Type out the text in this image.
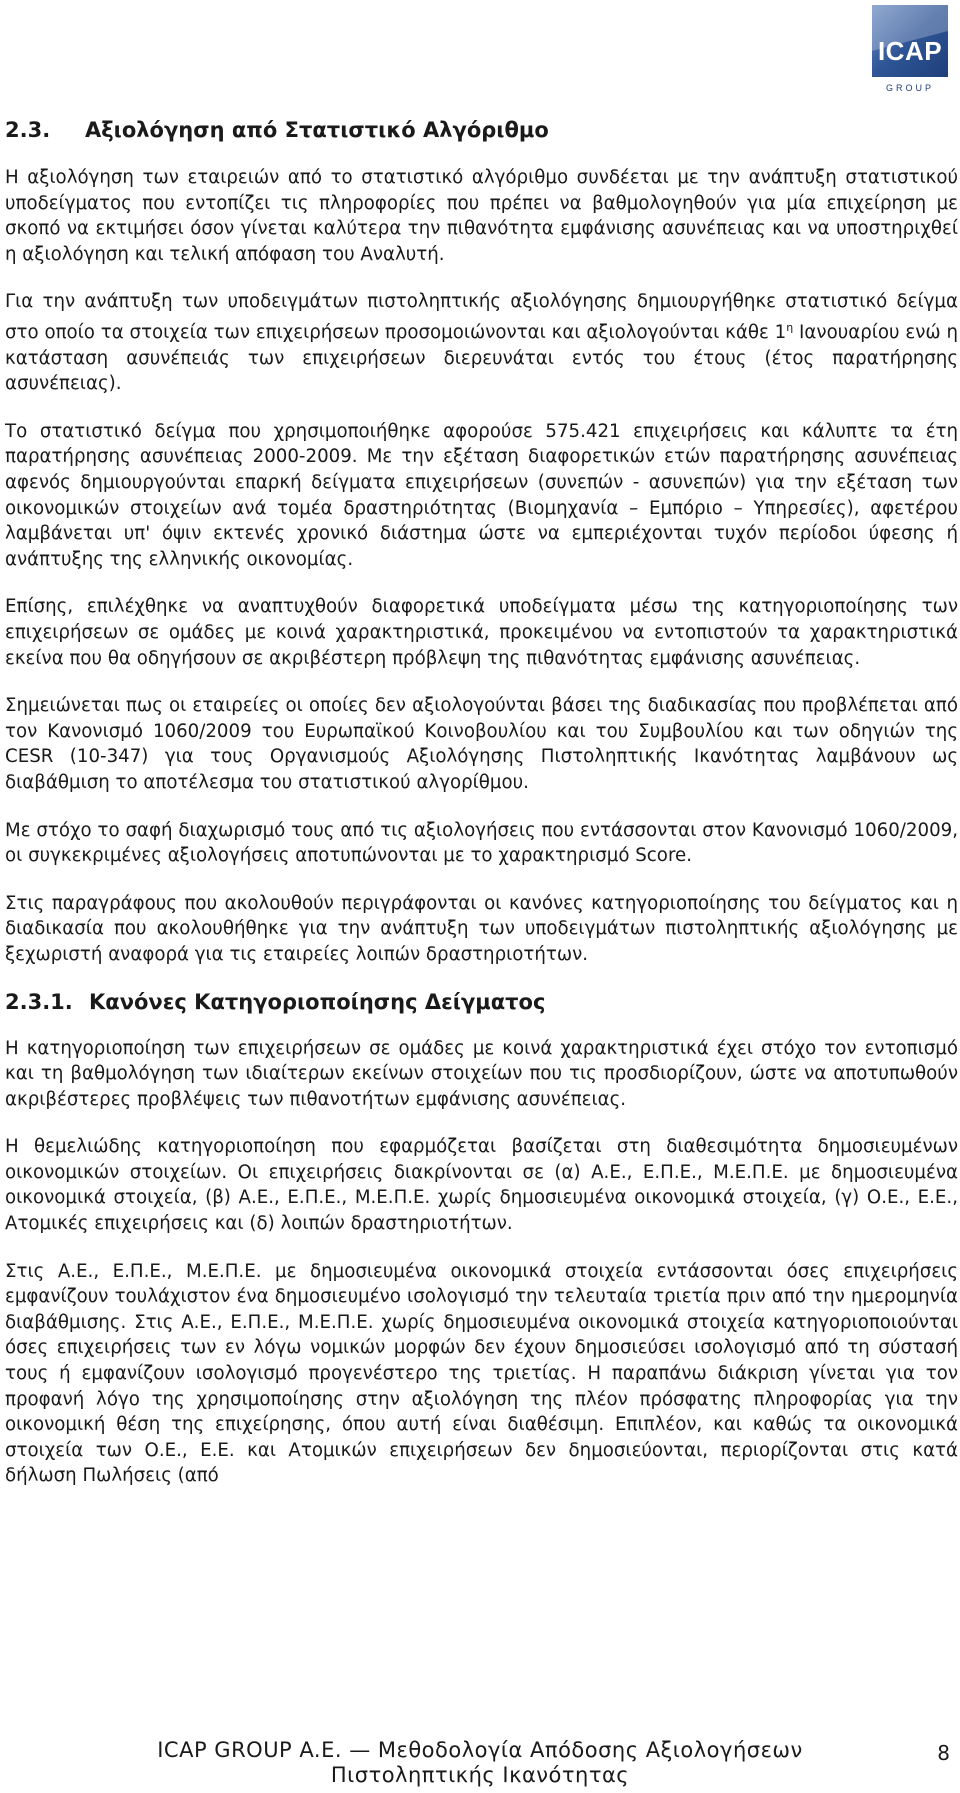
ICAP
GROUP
2.3. Αξιολόγηση από Στατιστικό Αλγόριθμο

Η αξιολόγηση των εταιρειών από το στατιστικό αλγόριθμο συνδέεται με την ανάπτυξη στατιστικού υποδείγματος που εντοπίζει τις πληροφορίες που πρέπει να βαθμολογηθούν για μία επιχείρηση με σκοπό να εκτιμήσει όσον γίνεται καλύτερα την πιθανότητα εμφάνισης ασυνέπειας και να υποστηριχθεί η αξιολόγηση και τελική απόφαση του Αναλυτή.

Για την ανάπτυξη των υποδειγμάτων πιστοληπτικής αξιολόγησης δημιουργήθηκε στατιστικό δείγμα στο οποίο τα στοιχεία των επιχειρήσεων προσομοιώνονται και αξιολογούνται κάθε $1^\eta$ Ιανουαρίου ενώ η κατάσταση ασυνέπειάς των επιχειρήσεων διερευνάται εντός του έτους (έτος παρατήρησης ασυνέπειας).

Το στατιστικό δείγμα που χρησιμοποιήθηκε αφορούσε 575.421 επιχειρήσεις και κάλυπτε τα έτη παρατήρησης ασυνέπειας 2000-2009. Με την εξέταση διαφορετικών ετών παρατήρησης ασυνέπειας αφενός δημιουργούνται επαρκή δείγματα επιχειρήσεων (συνεπών - ασυνεπών) για την εξέταση των οικονομικών στοιχείων ανά τομέα δραστηριότητας (Βιομηχανία – Εμπόριο – Υπηρεσίες), αφετέρου λαμβάνεται υπ' όψιν εκτενές χρονικό διάστημα ώστε να εμπεριέχονται τυχόν περίοδοι ύφεσης ή ανάπτυξης της ελληνικής οικονομίας.

Επίσης, επιλέχθηκε να αναπτυχθούν διαφορετικά υποδείγματα μέσω της κατηγοριοποίησης των επιχειρήσεων σε ομάδες με κοινά χαρακτηριστικά, προκειμένου να εντοπιστούν τα χαρακτηριστικά εκείνα που θα οδηγήσουν σε ακριβέστερη πρόβλεψη της πιθανότητας εμφάνισης ασυνέπειας.

Σημειώνεται πως οι εταιρείες οι οποίες δεν αξιολογούνται βάσει της διαδικασίας που προβλέπεται από τον Κανονισμό 1060/2009 του Ευρωπαϊκού Κοινοβουλίου και του Συμβουλίου και των οδηγιών της CESR (10-347) για τους Οργανισμούς Αξιολόγησης Πιστοληπτικής Ικανότητας λαμβάνουν ως διαβάθμιση το αποτέλεσμα του στατιστικού αλγορίθμου.

Με στόχο το σαφή διαχωρισμό τους από τις αξιολογήσεις που εντάσσονται στον Κανονισμό 1060/2009, οι συγκεκριμένες αξιολογήσεις αποτυπώνονται με το χαρακτηρισμό Score.

Στις παραγράφους που ακολουθούν περιγράφονται οι κανόνες κατηγοριοποίησης του δείγματος και η διαδικασία που ακολουθήθηκε για την ανάπτυξη των υποδειγμάτων πιστοληπτικής αξιολόγησης με ξεχωριστή αναφορά για τις εταιρείες λοιπών δραστηριοτήτων.

2.3.1. Κανόνες Κατηγοριοποίησης Δείγματος

Η κατηγοριοποίηση των επιχειρήσεων σε ομάδες με κοινά χαρακτηριστικά έχει στόχο τον εντοπισμό και τη βαθμολόγηση των ιδιαίτερων εκείνων στοιχείων που τις προσδιορίζουν, ώστε να αποτυπωθούν ακριβέστερες προβλέψεις των πιθανοτήτων εμφάνισης ασυνέπειας.

Η θεμελιώδης κατηγοριοποίηση που εφαρμόζεται βασίζεται στη διαθεσιμότητα δημοσιευμένων οικονομικών στοιχείων. Οι επιχειρήσεις διακρίνονται σε (α) Α.Ε., Ε.Π.Ε., Μ.Ε.Π.Ε. με δημοσιευμένα οικονομικά στοιχεία, (β) Α.Ε., Ε.Π.Ε., Μ.Ε.Π.Ε. χωρίς δημοσιευμένα οικονομικά στοιχεία, (γ) Ο.Ε., Ε.Ε., Ατομικές επιχειρήσεις και (δ) λοιπών δραστηριοτήτων.

Στις Α.Ε., Ε.Π.Ε., Μ.Ε.Π.Ε. με δημοσιευμένα οικονομικά στοιχεία εντάσσονται όσες επιχειρήσεις εμφανίζουν τουλάχιστον ένα δημοσιευμένο ισολογισμό την τελευταία τριετία πριν από την ημερομηνία διαβάθμισης. Στις Α.Ε., Ε.Π.Ε., Μ.Ε.Π.Ε. χωρίς δημοσιευμένα οικονομικά στοιχεία κατηγοριοποιούνται όσες επιχειρήσεις των εν λόγω νομικών μορφών δεν έχουν δημοσιεύσει ισολογισμό από τη σύστασή τους ή εμφανίζουν ισολογισμό προγενέστερο της τριετίας. Η παραπάνω διάκριση γίνεται για τον προφανή λόγο της χρησιμοποίησης στην αξιολόγηση της πλέον πρόσφατης πληροφορίας για την οικονομική θέση της επιχείρησης, όπου αυτή είναι διαθέσιμη. Επιπλέον, και καθώς τα οικονομικά στοιχεία των Ο.Ε., Ε.Ε. και Ατομικών επιχειρήσεων δεν δημοσιεύονται, περιορίζονται στις κατά δήλωση Πωλήσεις (από

ICAP GROUP A.E. — Μεθοδολογία Απόδοσης Αξιολογήσεων
Πιστοληπτικής Ικανότητας
8
